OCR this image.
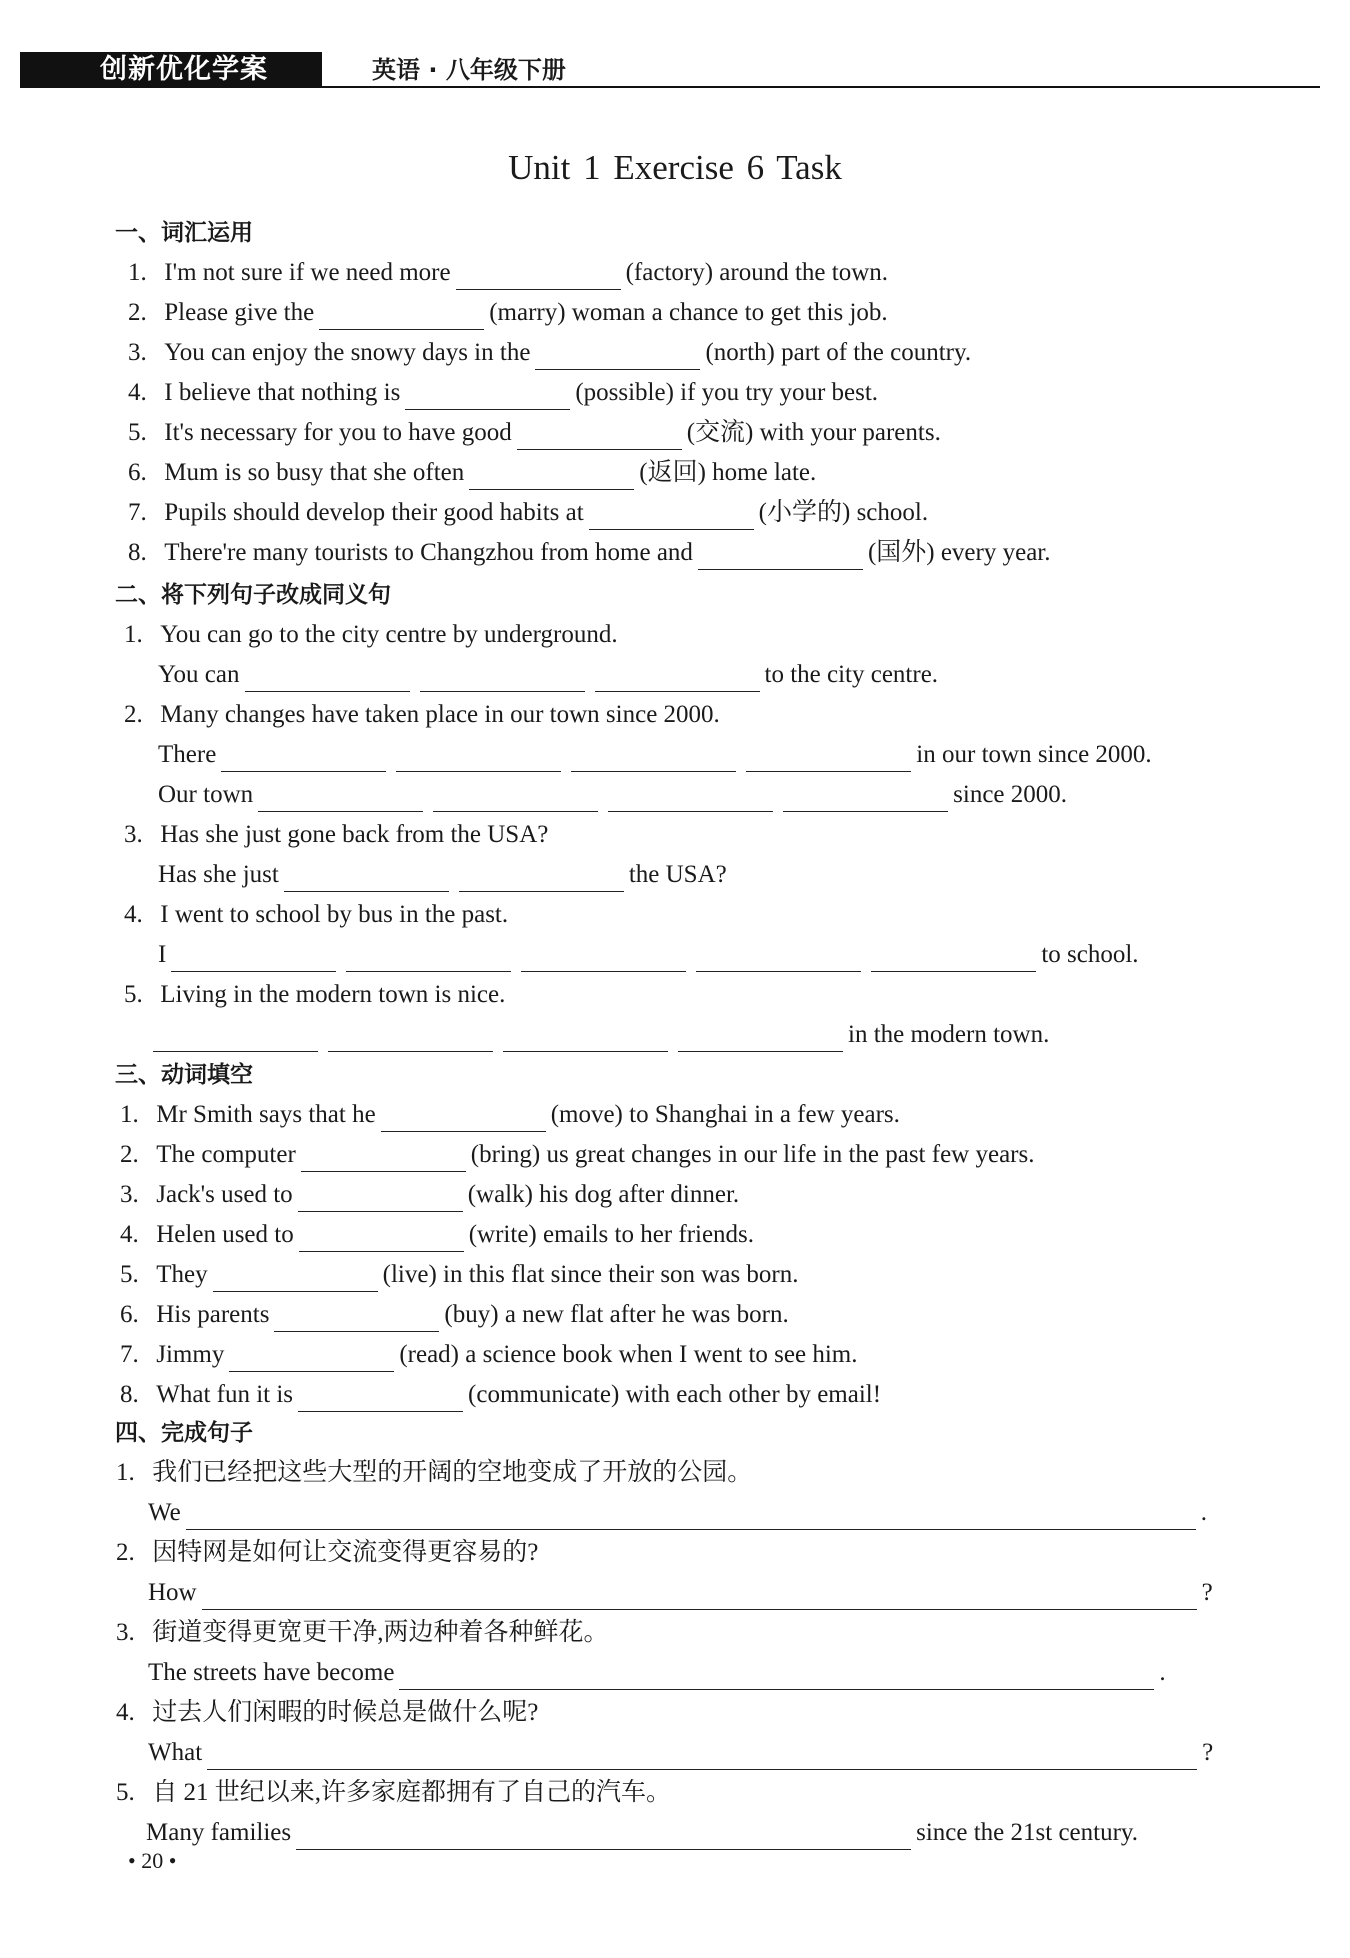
创新优化学案	英语 · 八年级下册
Unit 1 Exercise 6 Task
一、词汇运用
1. I'm not sure if we need more	(factory) around the town.
2. Please give the	(marry) woman a chance to get this job.
3. You can enjoy the snowy days in the	(north) part of the country.
4. I believe that nothing is	(possible) if you try your best.
5. It's necessary for you to have good	(交流) with your parents.
6. Mum is so busy that she often	(返回) home late.
7. Pupils should develop their good habits at	(小学的) school.
8. There're many tourists to Changzhou from home and	(国外) every year.
二、将下列句子改成同义句
1. You can go to the city centre by underground.
You can	to the city centre.
2. Many changes have taken place in our town since 2000.
There	in our town since 2000.
Our town	since 2000.
3. Has she just gone back from the USA?
Has she just	the USA?
4. I went to school by bus in the past.
I	to school.
5. Living in the modern town is nice.
in the modern town.
三、动词填空
1. Mr Smith says that he	(move) to Shanghai in a few years.
2. The computer	(bring) us great changes in our life in the past few years.
3. Jack's used to	(walk) his dog after dinner.
4. Helen used to	(write) emails to her friends.
5. They	(live) in this flat since their son was born.
6. His parents	(buy) a new flat after he was born.
7. Jimmy	(read) a science book when I went to see him.
8. What fun it is	(communicate) with each other by email!
四、完成句子
1. 我们已经把这些大型的开阔的空地变成了开放的公园。
We	.
2. 因特网是如何让交流变得更容易的?
How	?
3. 街道变得更宽更干净,两边种着各种鲜花。
The streets have become	.
4. 过去人们闲暇的时候总是做什么呢?
What	?
5. 自 21 世纪以来,许多家庭都拥有了自己的汽车。
Many families	since the 21st century.
• 20 •
